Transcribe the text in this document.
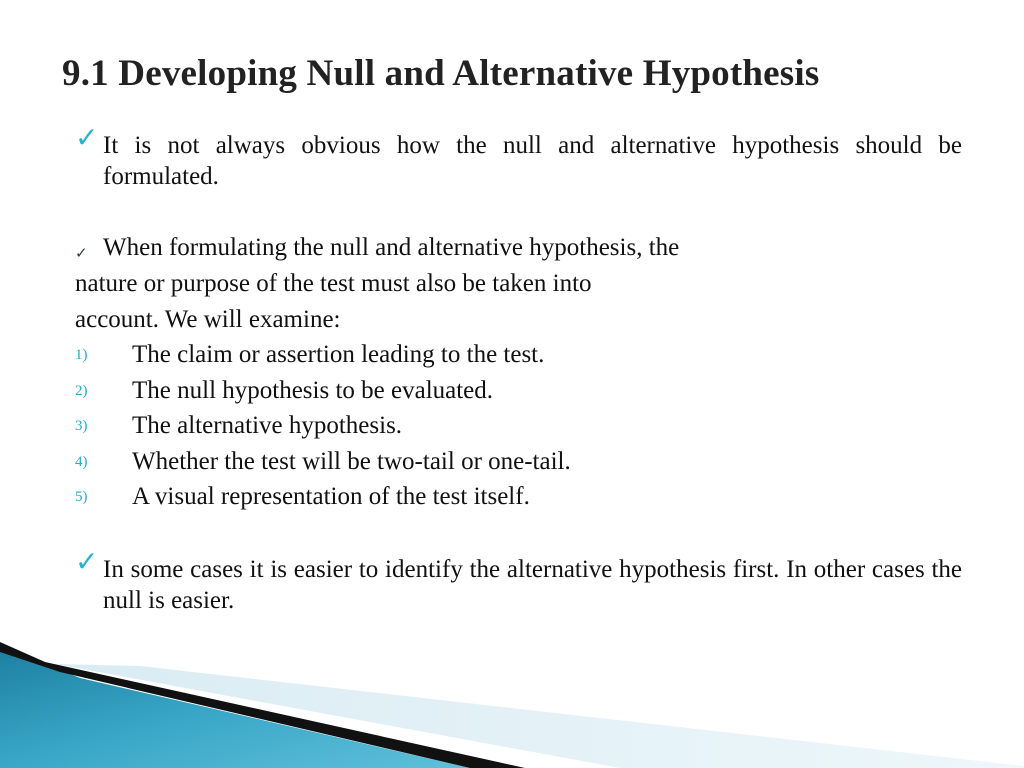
9.1 Developing Null and Alternative Hypothesis
✓ It is not always obvious how the null and alternative hypothesis should be formulated.
✓ When formulating the null and alternative hypothesis, the
nature or purpose of the test must also be taken into
account. We will examine:
1) The claim or assertion leading to the test.
2) The null hypothesis to be evaluated.
3) The alternative hypothesis.
4) Whether the test will be two-tail or one-tail.
5) A visual representation of the test itself.
✓ In some cases it is easier to identify the alternative hypothesis first. In other cases the null is easier.
